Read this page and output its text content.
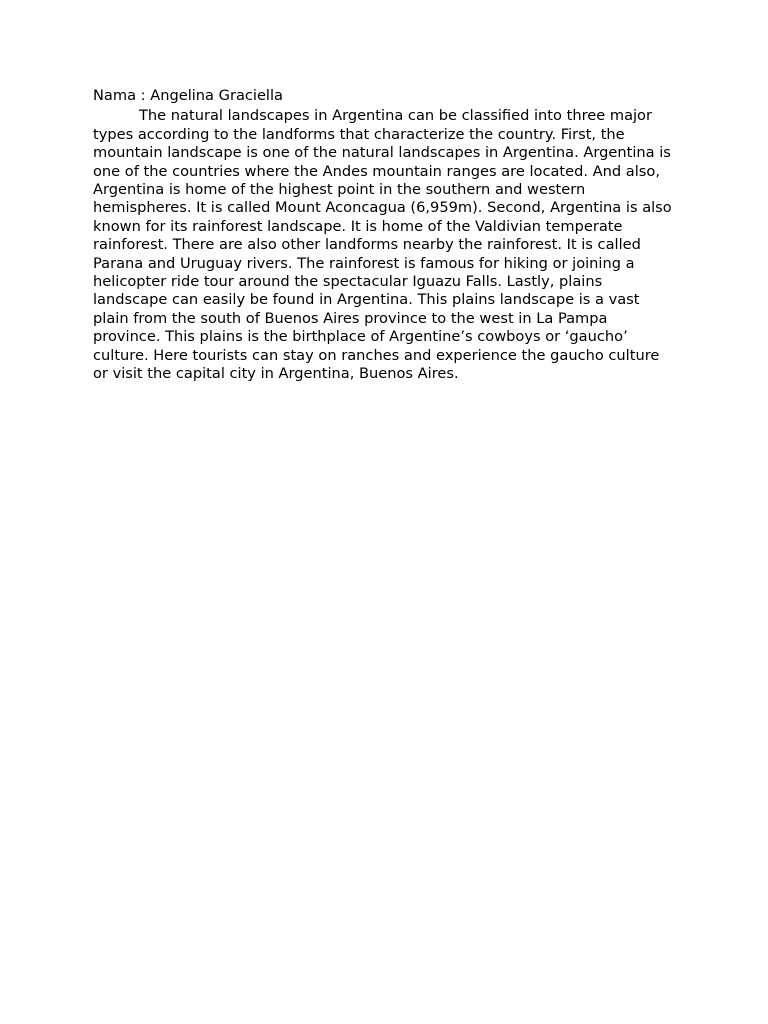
Nama : Angelina Graciella

The natural landscapes in Argentina can be classified into three major types according to the landforms that characterize the country. First, the mountain landscape is one of the natural landscapes in Argentina. Argentina is one of the countries where the Andes mountain ranges are located. And also, Argentina is home of the highest point in the southern and western hemispheres. It is called Mount Aconcagua (6,959m). Second, Argentina is also known for its rainforest landscape. It is home of the Valdivian temperate rainforest. There are also other landforms nearby the rainforest. It is called Parana and Uruguay rivers. The rainforest is famous for hiking or joining a helicopter ride tour around the spectacular Iguazu Falls. Lastly, plains landscape can easily be found in Argentina. This plains landscape is a vast plain from the south of Buenos Aires province to the west in La Pampa province. This plains is the birthplace of Argentine’s cowboys or ‘gaucho’ culture. Here tourists can stay on ranches and experience the gaucho culture or visit the capital city in Argentina, Buenos Aires.
